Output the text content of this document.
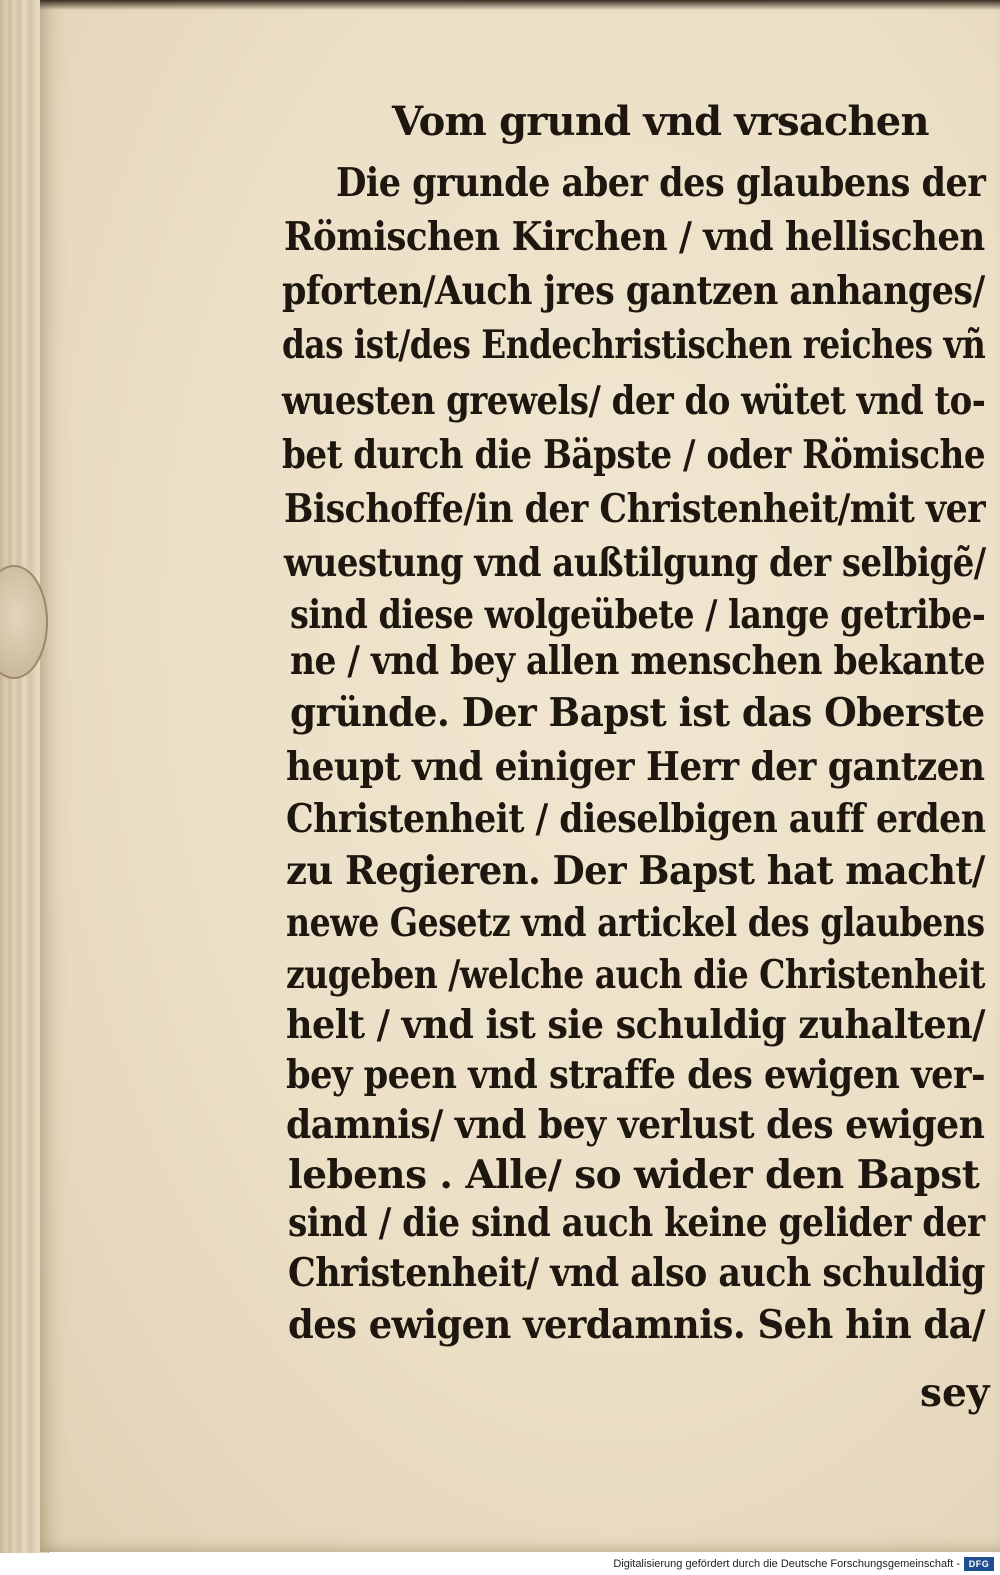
Vom grund vnd vrsachen

Die grunde aber des glaubens der

Römischen Kirchen / vnd hellischen

pforten/Auch jres gantzen anhanges/

das ist/des Endechristischen reiches vñ

wuesten grewels/ der do wütet vnd to-

bet durch die Bäpste / oder Römische

Bischoffe/in der Christenheit/mit ver

wuestung vnd außtilgung der selbigẽ/

sind diese wolgeübete / lange getribe-

ne / vnd bey allen menschen bekante

gründe. Der Bapst ist das Oberste

heupt vnd einiger Herr der gantzen

Christenheit / dieselbigen auff erden

zu Regieren. Der Bapst hat macht/

newe Gesetz vnd artickel des glaubens

zugeben /welche auch die Christenheit

helt / vnd ist sie schuldig zuhalten/

bey peen vnd straffe des ewigen ver-

damnis/ vnd bey verlust des ewigen

lebens . Alle/ so wider den Bapst

sind / die sind auch keine gelider der

Christenheit/ vnd also auch schuldig

des ewigen verdamnis. Seh hin da/

sey

Digitalisierung gefördert durch die Deutsche Forschungsgemeinschaft - DFG
